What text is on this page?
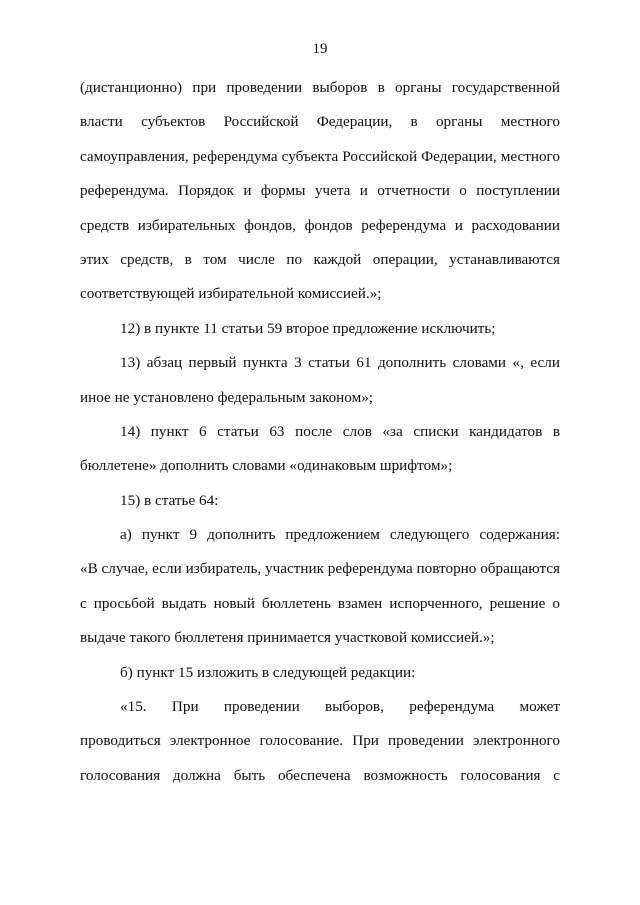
19
(дистанционно) при проведении выборов в органы государственной
власти субъектов Российской Федерации, в органы местного
самоуправления, референдума субъекта Российской Федерации, местного
референдума. Порядок и формы учета и отчетности о поступлении
средств избирательных фондов, фондов референдума и расходовании
этих средств, в том числе по каждой операции, устанавливаются
соответствующей избирательной комиссией.»;
12) в пункте 11 статьи 59 второе предложение исключить;
13) абзац первый пункта 3 статьи 61 дополнить словами «, если
иное не установлено федеральным законом»;
14) пункт 6 статьи 63 после слов «за списки кандидатов в
бюллетене» дополнить словами «одинаковым шрифтом»;
15) в статье 64:
а) пункт 9 дополнить предложением следующего содержания:
«В случае, если избиратель, участник референдума повторно обращаются
с просьбой выдать новый бюллетень взамен испорченного, решение о
выдаче такого бюллетеня принимается участковой комиссией.»;
б) пункт 15 изложить в следующей редакции:
«15. При проведении выборов, референдума может
проводиться электронное голосование. При проведении электронного
голосования должна быть обеспечена возможность голосования с
